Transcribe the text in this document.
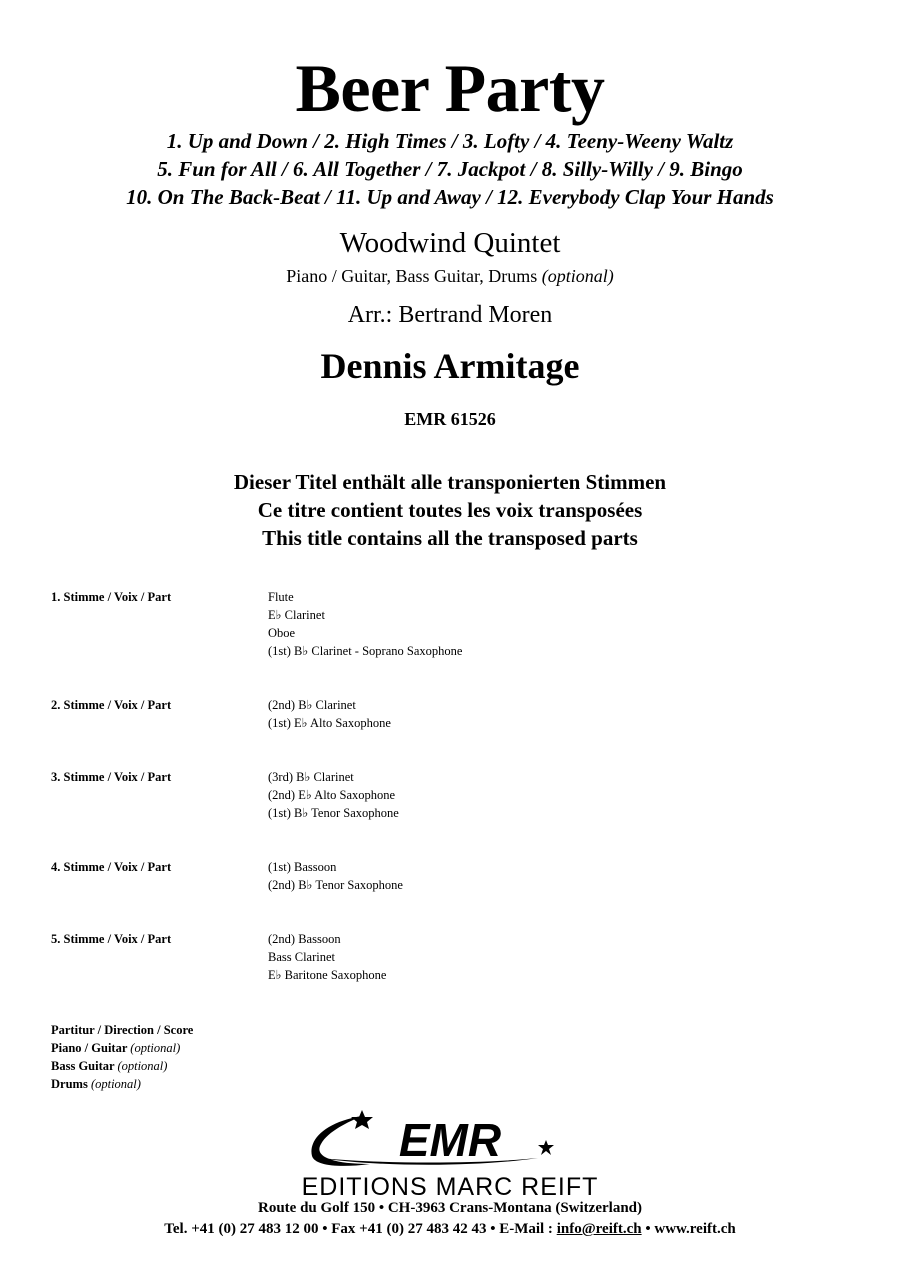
Beer Party
1. Up and Down / 2. High Times / 3. Lofty / 4. Teeny-Weeny Waltz
5. Fun for All / 6. All Together / 7. Jackpot / 8. Silly-Willy / 9. Bingo
10. On The Back-Beat / 11. Up and Away / 12. Everybody Clap Your Hands
Woodwind Quintet
Piano / Guitar, Bass Guitar, Drums (optional)
Arr.: Bertrand Moren
Dennis Armitage
EMR 61526
Dieser Titel enthält alle transponierten Stimmen
Ce titre contient toutes les voix transposées
This title contains all the transposed parts
1. Stimme / Voix / Part	Flute
E♭ Clarinet
Oboe
(1st) B♭ Clarinet - Soprano Saxophone
2. Stimme / Voix / Part	(2nd) B♭ Clarinet
(1st) E♭ Alto Saxophone
3. Stimme / Voix / Part	(3rd) B♭ Clarinet
(2nd) E♭ Alto Saxophone
(1st) B♭ Tenor Saxophone
4. Stimme / Voix / Part	(1st) Bassoon
(2nd) B♭ Tenor Saxophone
5. Stimme / Voix / Part	(2nd) Bassoon
Bass Clarinet
E♭ Baritone Saxophone
Partitur / Direction / Score
Piano / Guitar (optional)
Bass Guitar (optional)
Drums (optional)
EMR
EDITIONS MARC REIFT
Route du Golf 150 • CH-3963 Crans-Montana (Switzerland)
Tel. +41 (0) 27 483 12 00 • Fax +41 (0) 27 483 42 43 • E-Mail : info@reift.ch • www.reift.ch
